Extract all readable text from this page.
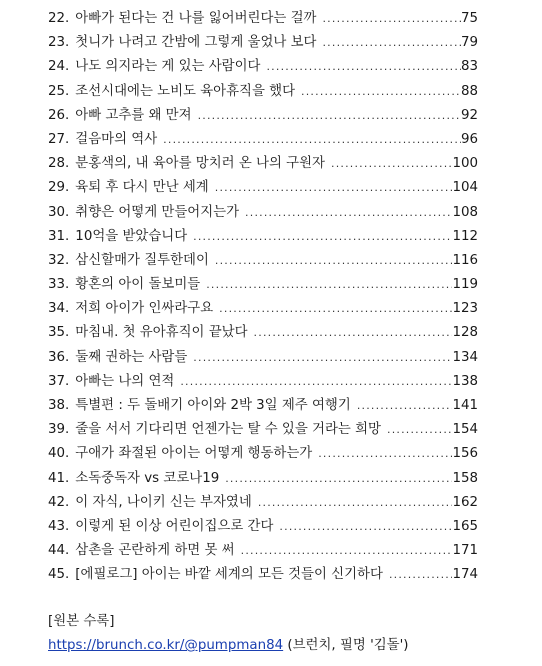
22. 아빠가 된다는 건 나를 잃어버린다는 걸까 .....	75
23. 첫니가 나려고 간밤에 그렇게 울었나 보다 .....	79
24. 나도 의지라는 게 있는 사람이다 .....	83
25. 조선시대에는 노비도 육아휴직을 했다 .....	88
26. 아빠 고추를 왜 만져 .....	92
27. 걸음마의 역사 .....	96
28. 분홍색의, 내 육아를 망치러 온 나의 구원자 .....	100
29. 육퇴 후 다시 만난 세계 .....	104
30. 취향은 어떻게 만들어지는가 .....	108
31. 10억을 받았습니다 .....	112
32. 삼신할매가 질투한데이 .....	116
33. 황혼의 아이 돌보미들 .....	119
34. 저희 아이가 인싸라구요 .....	123
35. 마침내. 첫 유아휴직이 끝났다 .....	128
36. 둘째 권하는 사람들 .....	134
37. 아빠는 나의 연적 .....	138
38. 특별편 : 두 돌배기 아이와 2박 3일 제주 여행기 .....	141
39. 줄을 서서 기다리면 언젠가는 탈 수 있을 거라는 희망 .....	154
40. 구애가 좌절된 아이는 어떻게 행동하는가 .....	156
41. 소독중독자 vs 코로나19 .....	158
42. 이 자식, 나이키 신는 부자였네 .....	162
43. 이렇게 된 이상 어린이집으로 간다 .....	165
44. 삼촌을 곤란하게 하면 못 써 .....	171
45. [에필로그] 아이는 바깥 세계의 모든 것들이 신기하다 .....	174
[원본 수록]
https://brunch.co.kr/@pumpman84 (브런치, 필명 '김돌')
